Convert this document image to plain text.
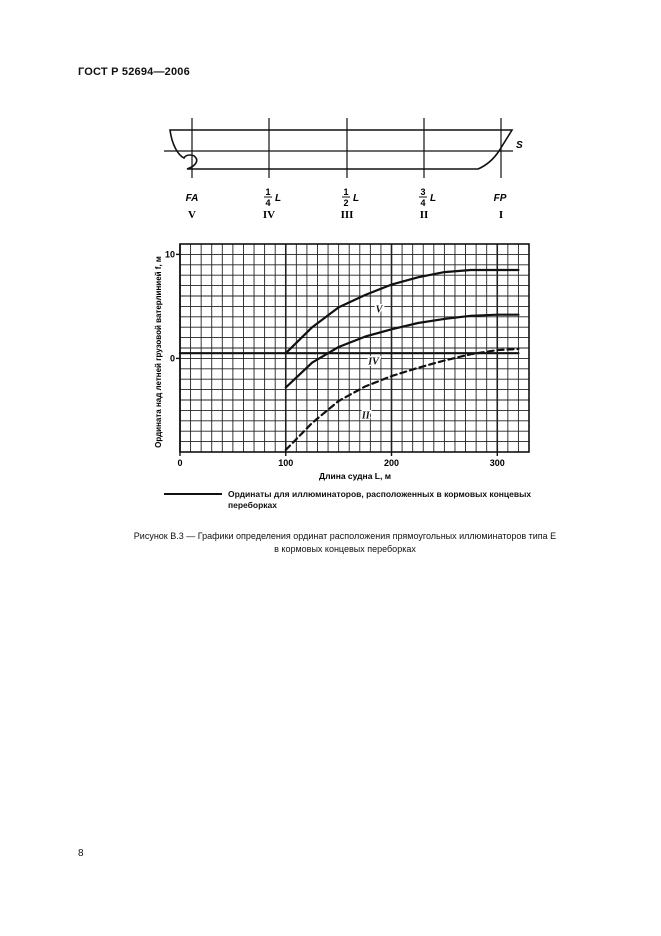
ГОСТ Р 52694—2006
S
FA
1
4 L
1
2 L
3
4 L	FP
V	IV	III	II	I
0	100	200	300
10
0
V
IV
II
Длина судна L, м
Ордината над летней грузовой ватерлинией f, м
Ординаты для иллюминаторов, расположенных в кормовых концевых переборках
Рисунок В.3 — Графики определения ординат расположения прямоугольных иллюминаторов типа Е
в кормовых концевых переборках
8
